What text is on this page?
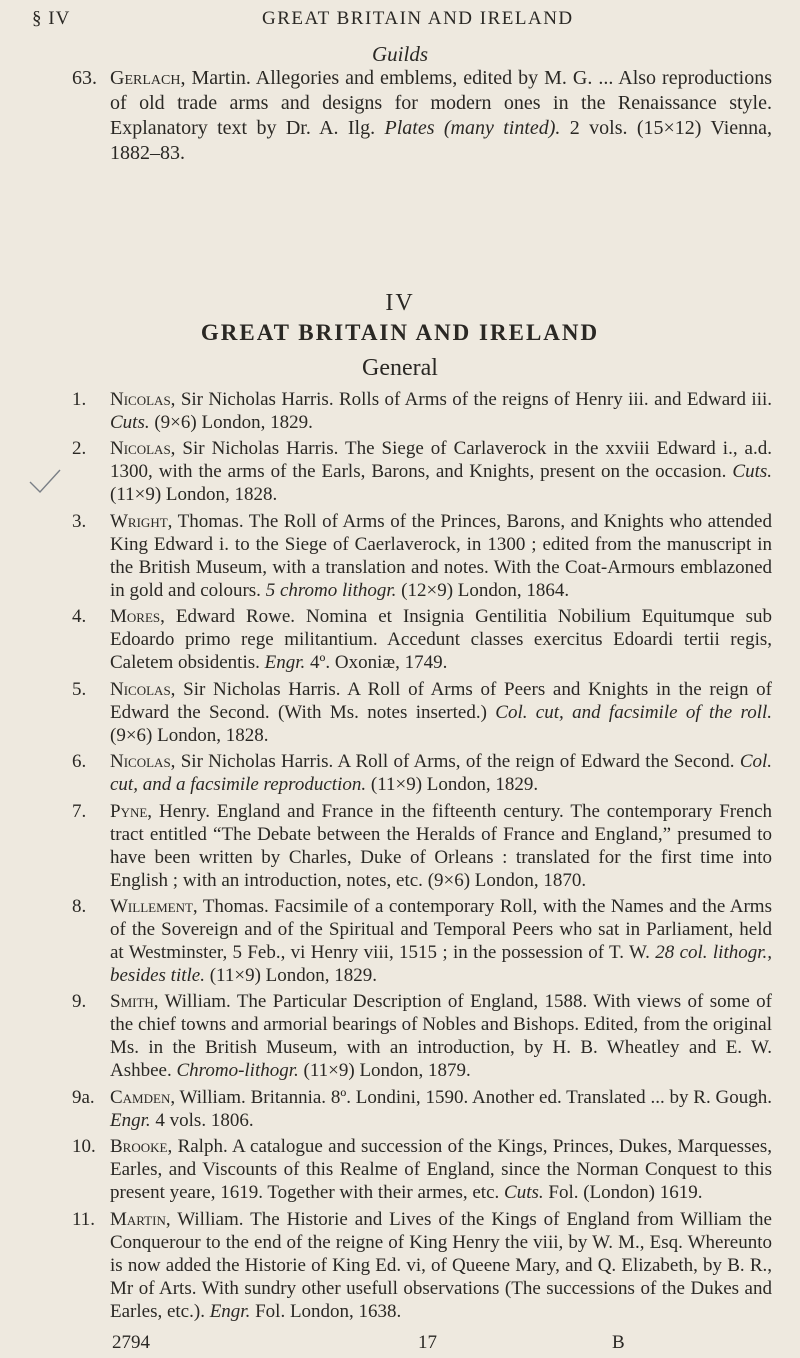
§ IV	GREAT BRITAIN AND IRELAND
Guilds

63. Gerlach, Martin. Allegories and emblems, edited by M. G. ... Also reproductions of old trade arms and designs for modern ones in the Renaissance style. Explanatory text by Dr. A. Ilg. Plates (many tinted). 2 vols. (15×12) Vienna, 1882–83.

IV
GREAT BRITAIN AND IRELAND
General

1. Nicolas, Sir Nicholas Harris. Rolls of Arms of the reigns of Henry iii. and Edward iii. Cuts. (9×6) London, 1829.

2. Nicolas, Sir Nicholas Harris. The Siege of Carlaverock in the xxviii Edward i., a.d. 1300, with the arms of the Earls, Barons, and Knights, present on the occasion. Cuts. (11×9) London, 1828.

3. Wright, Thomas. The Roll of Arms of the Princes, Barons, and Knights who attended King Edward i. to the Siege of Caerlaverock, in 1300 ; edited from the manuscript in the British Museum, with a translation and notes. With the Coat-Armours emblazoned in gold and colours. 5 chromo lithogr. (12×9) London, 1864.

4. Mores, Edward Rowe. Nomina et Insignia Gentilitia Nobilium Equitumque sub Edoardo primo rege militantium. Accedunt classes exercitus Edoardi tertii regis, Caletem obsidentis. Engr. 4º. Oxoniæ, 1749.

5. Nicolas, Sir Nicholas Harris. A Roll of Arms of Peers and Knights in the reign of Edward the Second. (With Ms. notes inserted.) Col. cut, and facsimile of the roll. (9×6) London, 1828.

6. Nicolas, Sir Nicholas Harris. A Roll of Arms, of the reign of Edward the Second. Col. cut, and a facsimile reproduction. (11×9) London, 1829.

7. Pyne, Henry. England and France in the fifteenth century. The contemporary French tract entitled “The Debate between the Heralds of France and England,” presumed to have been written by Charles, Duke of Orleans : translated for the first time into English ; with an introduction, notes, etc. (9×6) London, 1870.

8. Willement, Thomas. Facsimile of a contemporary Roll, with the Names and the Arms of the Sovereign and of the Spiritual and Temporal Peers who sat in Parliament, held at Westminster, 5 Feb., vi Henry viii, 1515 ; in the possession of T. W. 28 col. lithogr., besides title. (11×9) London, 1829.

9. Smith, William. The Particular Description of England, 1588. With views of some of the chief towns and armorial bearings of Nobles and Bishops. Edited, from the original Ms. in the British Museum, with an introduction, by H. B. Wheatley and E. W. Ashbee. Chromo-lithogr. (11×9) London, 1879.

9a. Camden, William. Britannia. 8º. Londini, 1590. Another ed. Translated ... by R. Gough. Engr. 4 vols. 1806.

10. Brooke, Ralph. A catalogue and succession of the Kings, Princes, Dukes, Marquesses, Earles, and Viscounts of this Realme of England, since the Norman Conquest to this present yeare, 1619. Together with their armes, etc. Cuts. Fol. (London) 1619.

11. Martin, William. The Historie and Lives of the Kings of England from William the Conquerour to the end of the reigne of King Henry the viii, by W. M., Esq. Whereunto is now added the Historie of King Ed. vi, of Queene Mary, and Q. Elizabeth, by B. R., Mr of Arts. With sundry other usefull observations (The successions of the Dukes and Earles, etc.). Engr. Fol. London, 1638.

2794	17	B
